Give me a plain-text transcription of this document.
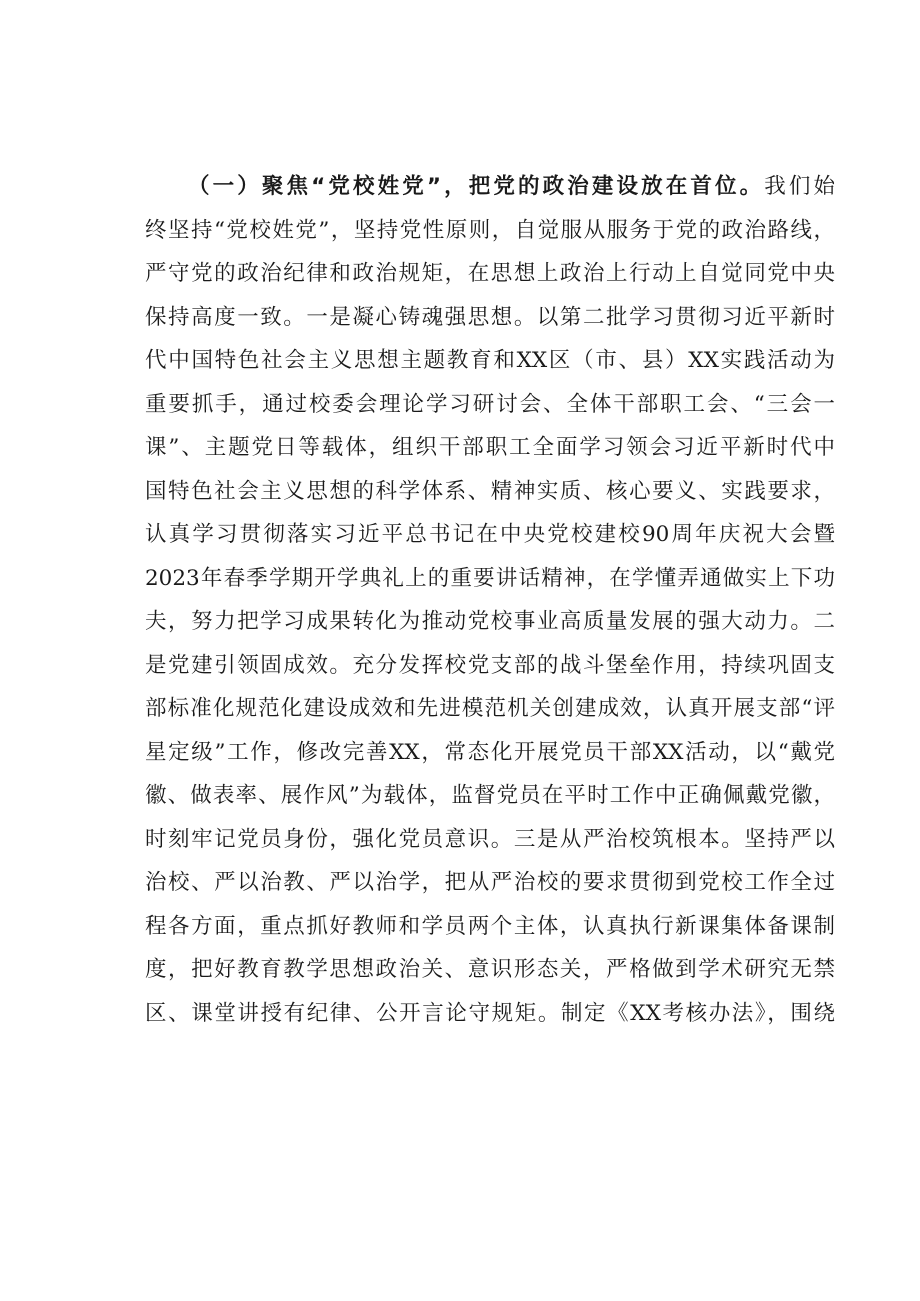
（一）聚焦“党校姓党”，把党的政治建设放在首位。我们始
终坚持“党校姓党”，坚持党性原则，自觉服从服务于党的政治路线，
严守党的政治纪律和政治规矩，在思想上政治上行动上自觉同党中央
保持高度一致。一是凝心铸魂强思想。以第二批学习贯彻习近平新时
代中国特色社会主义思想主题教育和XX区（市、县）XX实践活动为
重要抓手，通过校委会理论学习研讨会、全体干部职工会、“三会一
课”、主题党日等载体，组织干部职工全面学习领会习近平新时代中
国特色社会主义思想的科学体系、精神实质、核心要义、实践要求，
认真学习贯彻落实习近平总书记在中央党校建校90周年庆祝大会暨
2023年春季学期开学典礼上的重要讲话精神，在学懂弄通做实上下功
夫，努力把学习成果转化为推动党校事业高质量发展的强大动力。二
是党建引领固成效。充分发挥校党支部的战斗堡垒作用，持续巩固支
部标准化规范化建设成效和先进模范机关创建成效，认真开展支部“评
星定级”工作，修改完善XX，常态化开展党员干部XX活动，以“戴党
徽、做表率、展作风”为载体，监督党员在平时工作中正确佩戴党徽，
时刻牢记党员身份，强化党员意识。三是从严治校筑根本。坚持严以
治校、严以治教、严以治学，把从严治校的要求贯彻到党校工作全过
程各方面，重点抓好教师和学员两个主体，认真执行新课集体备课制
度，把好教育教学思想政治关、意识形态关，严格做到学术研究无禁
区、课堂讲授有纪律、公开言论守规矩。制定《XX考核办法》，围绕
